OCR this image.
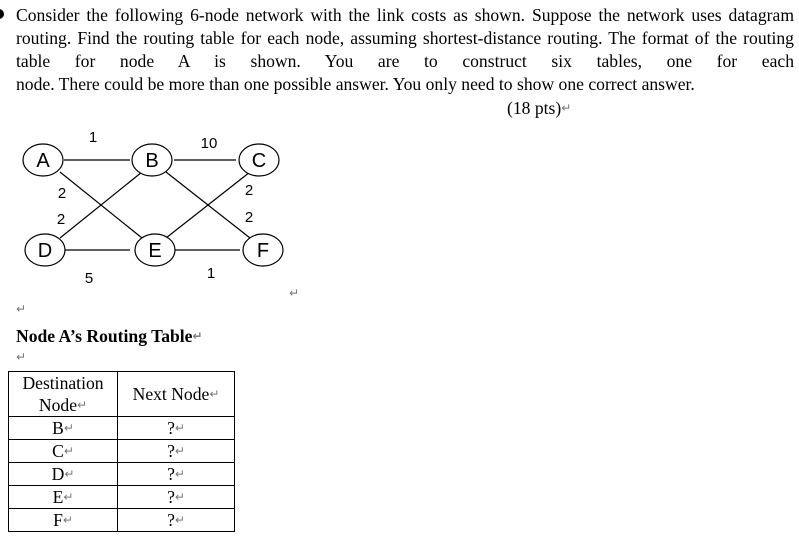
Consider the following 6-node network with the link costs as shown. Suppose the network uses datagram routing. Find the routing table for each node, assuming shortest-distance routing. The format of the routing table for node A is shown. You are to construct six tables, one for each
node. There could be more than one possible answer. You only need to show one correct answer.

(18 pts)↵
A	B	C
D	E	F
1	10
2
2
2
2
5	1
↵
↵
Node A’s Routing Table↵
↵
Destination Node↵	Next Node↵
B↵	?↵
C↵	?↵
D↵	?↵
E↵	?↵
F↵	?↵
